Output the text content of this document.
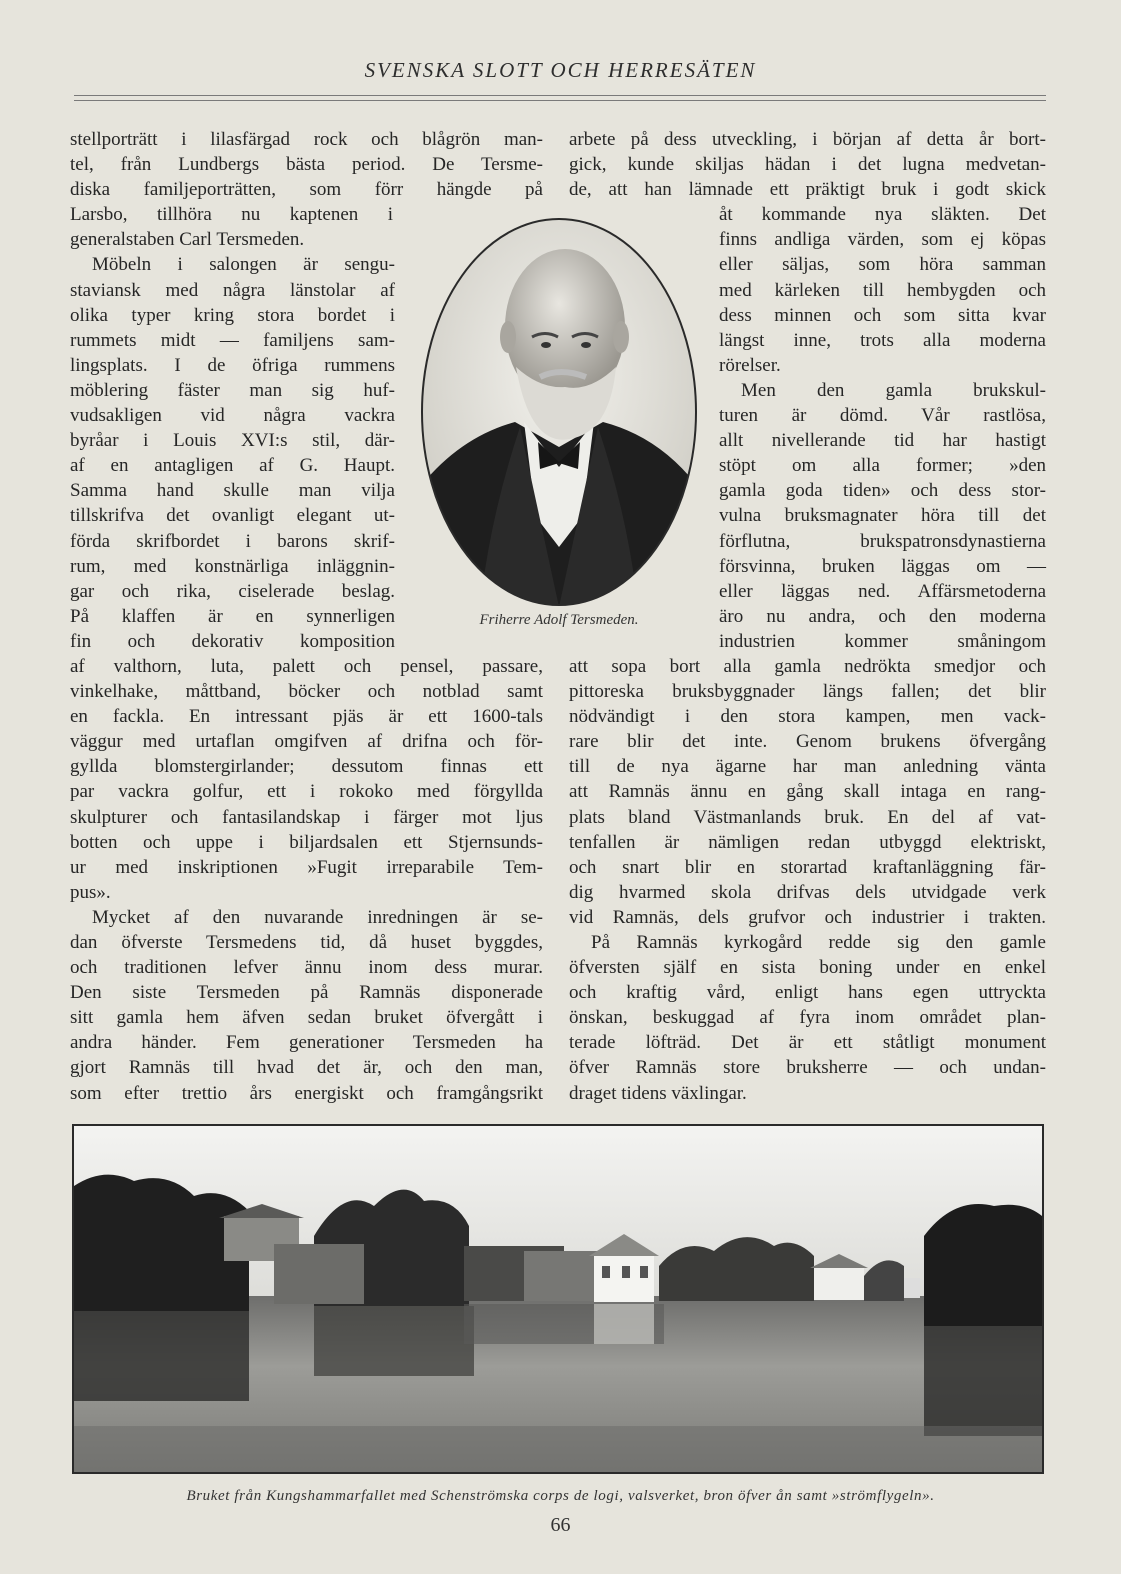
SVENSKA SLOTT OCH HERRESÄTEN
stellporträtt i lilasfärgad rock och blågrön man-
tel, från Lundbergs bästa period. De Tersme-
diska familjeporträtten, som förr hängde på
Larsbo, tillhöra nu kaptenen i
generalstaben Carl Tersmeden.
Möbeln i salongen är sengu-
staviansk med några länstolar af
olika typer kring stora bordet i
rummets midt — familjens sam-
lingsplats. I de öfriga rummens
möblering fäster man sig huf-
vudsakligen vid några vackra
byråar i Louis XVI:s stil, där-
af en antagligen af G. Haupt.
Samma hand skulle man vilja
tillskrifva det ovanligt elegant ut-
förda skrifbordet i barons skrif-
rum, med konstnärliga inläggnin-
gar och rika, ciselerade beslag.
På klaffen är en synnerligen
fin och dekorativ komposition
af valthorn, luta, palett och pensel, passare,
vinkelhake, måttband, böcker och notblad samt
en fackla. En intressant pjäs är ett 1600-tals
väggur med urtaflan omgifven af drifna och för-
gyllda blomstergirlander; dessutom finnas ett
par vackra golfur, ett i rokoko med förgyllda
skulpturer och fantasilandskap i färger mot ljus
botten och uppe i biljardsalen ett Stjernsunds-
ur med inskriptionen »Fugit irreparabile Tem-
pus».
Mycket af den nuvarande inredningen är se-
dan öfverste Tersmedens tid, då huset byggdes,
och traditionen lefver ännu inom dess murar.
Den siste Tersmeden på Ramnäs disponerade
sitt gamla hem äfven sedan bruket öfvergått i
andra händer. Fem generationer Tersmeden ha
gjort Ramnäs till hvad det är, och den man,
som efter trettio års energiskt och framgångsrikt
arbete på dess utveckling, i början af detta år bort-
gick, kunde skiljas hädan i det lugna medvetan-
de, att han lämnade ett präktigt bruk i godt skick
åt kommande nya släkten. Det
finns andliga värden, som ej köpas
eller säljas, som höra samman
med kärleken till hembygden och
dess minnen och som sitta kvar
längst inne, trots alla moderna
rörelser.
Men den gamla brukskul-
turen är dömd. Vår rastlösa,
allt nivellerande tid har hastigt
stöpt om alla former; »den
gamla goda tiden» och dess stor-
vulna bruksmagnater höra till det
förflutna, brukspatronsdynastierna
försvinna, bruken läggas om —
eller läggas ned. Affärsmetoderna
äro nu andra, och den moderna
industrien kommer småningom
att sopa bort alla gamla nedrökta smedjor och
pittoreska bruksbyggnader längs fallen; det blir
nödvändigt i den stora kampen, men vack-
rare blir det inte. Genom brukens öfvergång
till de nya ägarne har man anledning vänta
att Ramnäs ännu en gång skall intaga en rang-
plats bland Västmanlands bruk. En del af vat-
tenfallen är nämligen redan utbyggd elektriskt,
och snart blir en storartad kraftanläggning fär-
dig hvarmed skola drifvas dels utvidgade verk
vid Ramnäs, dels grufvor och industrier i trakten.
På Ramnäs kyrkogård redde sig den gamle
öfversten själf en sista boning under en enkel
och kraftig vård, enligt hans egen uttryckta
önskan, beskuggad af fyra inom området plan-
terade löfträd. Det är ett ståtligt monument
öfver Ramnäs store bruksherre — och undan-
draget tidens växlingar.
Friherre Adolf Tersmeden.
Bruket från Kungshammarfallet med Schenströmska corps de logi, valsverket, bron öfver ån samt »strömflygeln».
66
